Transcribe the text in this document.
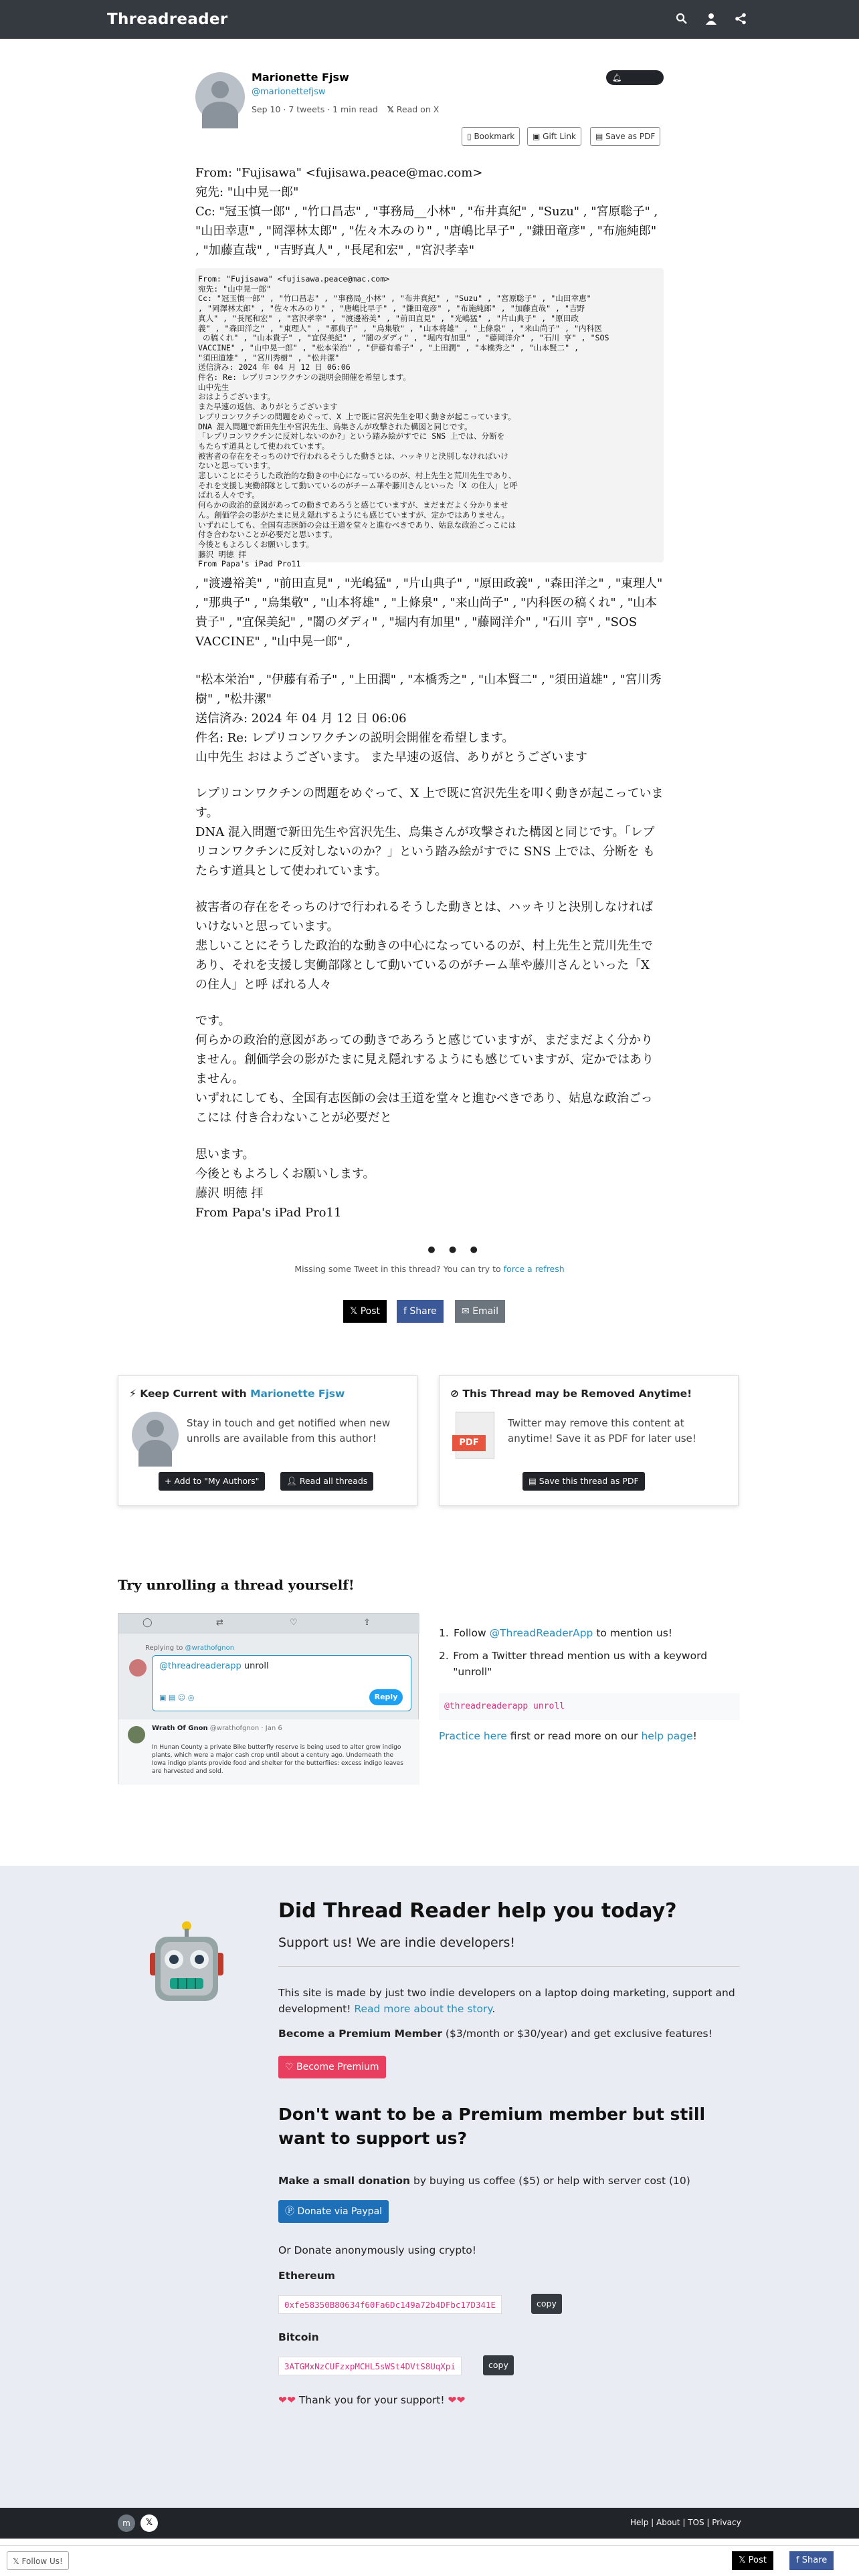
Threadreader
Marionette Fjsw
@marionettefjsw
Sep 10 · 7 tweets · 1 min read 𝕏 Read on X
🔔︎ Subscribe
▯ Bookmark	▣ Gift Link	▤ Save as PDF
From: "Fujisawa" <fujisawa.peace@mac.com>
宛先: "山中晃一郎"
Cc: "冠玉慎一郎" , "竹口昌志" , "事務局__小林" , "布井真紀" , "Suzu" , "宮原聡子" , "山田幸恵" , "岡澤林太郎" , "佐々木みのり" , "唐嶋比早子" , "鎌田竜彦" , "布施純郎" , "加藤直哉" , "吉野真人" , "長尾和宏" , "宮沢孝幸"
From: "Fujisawa" <fujisawa.peace@mac.com>
宛先: "山中晃一郎"
Cc: "冠玉慎一郎" , "竹口昌志" , "事務局_小林" , "布井真紀" , "Suzu" , "宮原聡子" , "山田幸恵"
, "岡澤林太郎" , "佐々木みのり" , "唐嶋比早子" , "鎌田竜彦" , "布施純郎" , "加藤直哉" , "吉野
真人" , "長尾和宏" , "宮沢孝幸" , "渡邊裕美" , "前田直見" , "光嶋猛" , "片山典子" , "原田政
義" , "森田洋之" , "東理人" , "那典子" , "烏集敬" , "山本将雄" , "上條泉" , "来山尚子" , "内科医
の稿くれ" , "山本貴子" , "宜保美紀" , "闇のダディ" , "堀内有加里" , "藤岡洋介" , "石川 亨" , "SOS
VACCINE" , "山中晃一郎" , "松本栄治" , "伊藤有希子" , "上田潤" , "本橋秀之" , "山本賢二" ,
"須田道雄" , "宮川秀樹" , "松井潔"
送信済み: 2024 年 04 月 12 日 06:06
件名: Re: レプリコンワクチンの説明会開催を希望します。
山中先生
おはようございます。
また早速の返信、ありがとうございます
レプリコンワクチンの問題をめぐって、X 上で既に宮沢先生を叩く動きが起こっています。
DNA 混入問題で新田先生や宮沢先生、烏集さんが攻撃された構図と同じです。
「レプリコンワクチンに反対しないのか?」という踏み絵がすでに SNS 上では、分断を
もたらす道具として使われています。
被害者の存在をそっちのけで行われるそうした動きとは、ハッキリと決別しなければいけ
ないと思っています。
悲しいことにそうした政治的な動きの中心になっているのが、村上先生と荒川先生であり、
それを支援し実働部隊として動いているのがチーム華や藤川さんといった「X の住人」と呼
ばれる人々です。
何らかの政治的意図があっての動きであろうと感じていますが、まだまだよく分かりませ
ん。創価学会の影がたまに見え隠れするようにも感じていますが、定かではありません。
いずれにしても、全国有志医師の会は王道を堂々と進むべきであり、姑息な政治ごっこには
付き合わないことが必要だと思います。
今後ともよろしくお願いします。
藤沢 明徳 拝
From Papa's iPad Pro11
, "渡邊裕美" , "前田直見" , "光嶋猛" , "片山典子" , "原田政義" , "森田洋之" , "東理人" , "那典子" , "烏集敬" , "山本将雄" , "上條泉" , "来山尚子" , "内科医の稿くれ" , "山本貴子" , "宜保美紀" , "闇のダディ" , "堀内有加里" , "藤岡洋介" , "石川 亨" , "SOS VACCINE" , "山中晃一郎" ,
"松本栄治" , "伊藤有希子" , "上田潤" , "本橋秀之" , "山本賢二" , "須田道雄" , "宮川秀樹" , "松井潔"
送信済み: 2024 年 04 月 12 日 06:06
件名: Re: レプリコンワクチンの説明会開催を希望します。
山中先生 おはようございます。 また早速の返信、ありがとうございます
レプリコンワクチンの問題をめぐって、X 上で既に宮沢先生を叩く動きが起こっています。
DNA 混入問題で新田先生や宮沢先生、烏集さんが攻撃された構図と同じです。「レプリコンワクチンに反対しないのか？」という踏み絵がすでに SNS 上では、分断を もたらす道具として使われています。
被害者の存在をそっちのけで行われるそうした動きとは、ハッキリと決別しなければいけないと思っています。
悲しいことにそうした政治的な動きの中心になっているのが、村上先生と荒川先生であり、それを支援し実働部隊として動いているのがチーム華や藤川さんといった「X の住人」と呼 ばれる人々
です。
何らかの政治的意図があっての動きであろうと感じていますが、まだまだよく分かりません。創価学会の影がたまに見え隠れするようにも感じていますが、定かではありません。
いずれにしても、全国有志医師の会は王道を堂々と進むべきであり、姑息な政治ごっこには 付き合わないことが必要だと
思います。
今後ともよろしくお願いします。
藤沢 明徳 拝
From Papa's iPad Pro11
• • •
Missing some Tweet in this thread? You can try to force a refresh
𝕏 Post	f Share	✉ Email
⚡ Keep Current with Marionette Fjsw

Stay in touch and get notified when new unrolls are available from this author!

+ Add to "My Authors"	👤︎ Read all threads
⊘ This Thread may be Removed Anytime!
PDF

Twitter may remove this content at anytime! Save it as PDF for later use!

▤ Save this thread as PDF
Try unrolling a thread yourself!
◯	⇄	♡	⇪
Replying to @wrathofgnon
@threadreaderapp unroll
▣ ▤ ☺ ◎	Reply
Wrath Of Gnon @wrathofgnon · Jan 6
In Hunan County a private Bike butterfly reserve is being used to alter grow indigo plants, which were a major cash crop until about a century ago. Underneath the Iowa indigo plants provide food and shelter for the butterflies: excess indigo leaves are harvested and sold.
1. Follow @ThreadReaderApp to mention us!
2. From a Twitter thread mention us with a keyword "unroll"
@threadreaderapp unroll
Practice here first or read more on our help page!
Did Thread Reader help you today?
Support us! We are indie developers!
This site is made by just two indie developers on a laptop doing marketing, support and development! Read more about the story.
Become a Premium Member ($3/month or $30/year) and get exclusive features!
♡ Become Premium
Don't want to be a Premium member but still want to support us?
Make a small donation by buying us coffee ($5) or help with server cost (10)
Ⓟ Donate via Paypal
Or Donate anonymously using crypto!
Ethereum
0xfe58350B80634f60Fa6Dc149a72b4DFbc17D341E	copy
Bitcoin
3ATGMxNzCUFzxpMCHL5sWSt4DVtS8UqXpi	copy
❤❤ Thank you for your support! ❤❤
m	𝕏	Help | About | TOS | Privacy
𝕏 Follow Us!	𝕏 Post	f Share
